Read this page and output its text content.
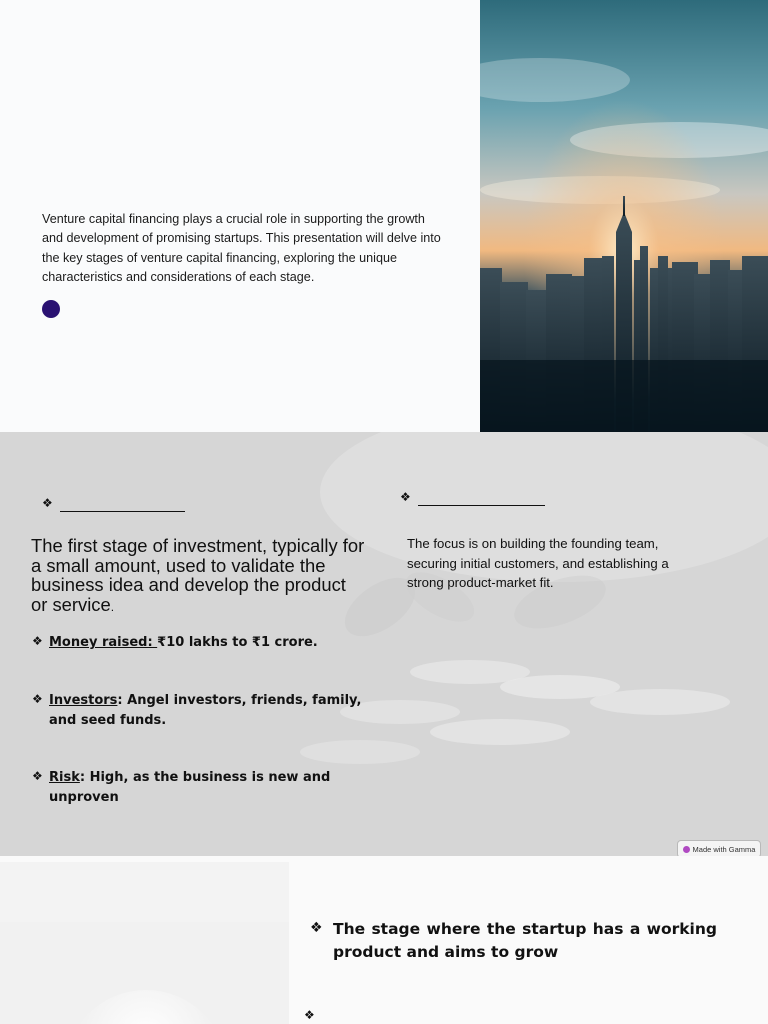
Venture capital financing plays a crucial role in supporting the growth and development of promising startups. This presentation will delve into the key stages of venture capital financing, exploring the unique characteristics and considerations of each stage.
❖	❖
The first stage of investment, typically for a small amount, used to validate the business idea and develop the product or service.
The focus is on building the founding team, securing initial customers, and establishing a strong product-market fit.
❖ Money raised: ₹10 lakhs to ₹1 crore.
❖ Investors: Angel investors, friends, family, and seed funds.
❖ Risk: High, as the business is new and unproven
Made with Gamma
❖ The stage where the startup has a working product and aims to grow
❖
